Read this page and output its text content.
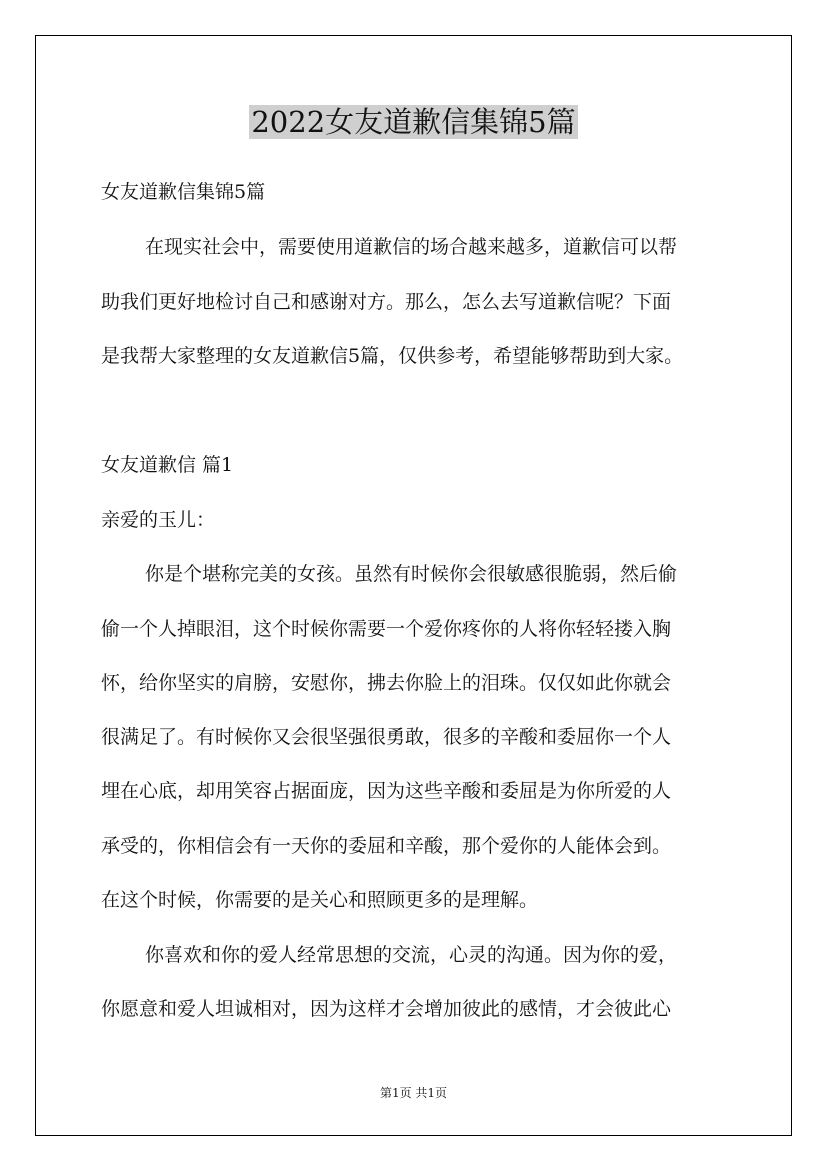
2022女友道歉信集锦5篇
女友道歉信集锦5篇
在现实社会中，需要使用道歉信的场合越来越多，道歉信可以帮
助我们更好地检讨自己和感谢对方。那么，怎么去写道歉信呢？下面
是我帮大家整理的女友道歉信5篇，仅供参考，希望能够帮助到大家。
女友道歉信 篇1
亲爱的玉儿：
你是个堪称完美的女孩。虽然有时候你会很敏感很脆弱，然后偷
偷一个人掉眼泪，这个时候你需要一个爱你疼你的人将你轻轻搂入胸
怀，给你坚实的肩膀，安慰你，拂去你脸上的泪珠。仅仅如此你就会
很满足了。有时候你又会很坚强很勇敢，很多的辛酸和委屈你一个人
埋在心底，却用笑容占据面庞，因为这些辛酸和委屈是为你所爱的人
承受的，你相信会有一天你的委屈和辛酸，那个爱你的人能体会到。
在这个时候，你需要的是关心和照顾更多的是理解。
你喜欢和你的爱人经常思想的交流，心灵的沟通。因为你的爱，
你愿意和爱人坦诚相对，因为这样才会增加彼此的感情，才会彼此心
第1页 共1页
